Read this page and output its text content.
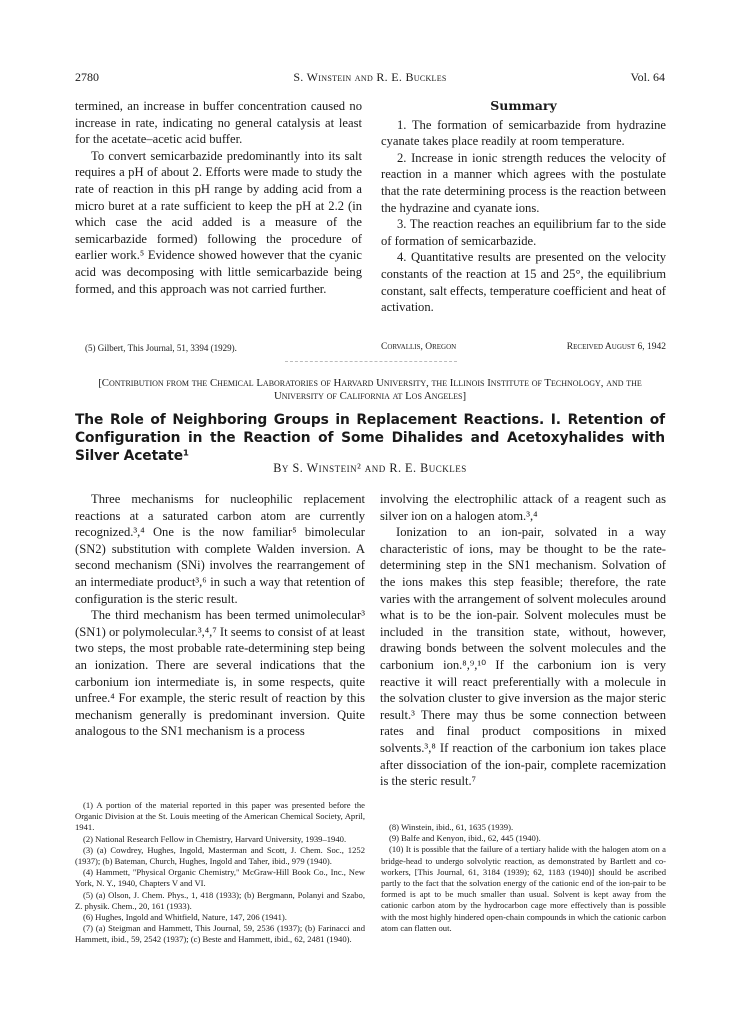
2780	S. Winstein and R. E. Buckles	Vol. 64

termined, an increase in buffer concentration caused no increase in rate, indicating no general catalysis at least for the acetate–acetic acid buffer.

To convert semicarbazide predominantly into its salt requires a pH of about 2. Efforts were made to study the rate of reaction in this pH range by adding acid from a micro buret at a rate sufficient to keep the pH at 2.2 (in which case the acid added is a measure of the semicarbazide formed) following the procedure of earlier work.⁵ Evidence showed however that the cyanic acid was decomposing with little semicarbazide being formed, and this approach was not carried further.

Summary

1. The formation of semicarbazide from hydrazine cyanate takes place readily at room temperature.

2. Increase in ionic strength reduces the velocity of reaction in a manner which agrees with the postulate that the rate determining process is the reaction between the hydrazine and cyanate ions.

3. The reaction reaches an equilibrium far to the side of formation of semicarbazide.

4. Quantitative results are presented on the velocity constants of the reaction at 15 and 25°, the equilibrium constant, salt effects, temperature coefficient and heat of activation.

(5) Gilbert, This Journal, 51, 3394 (1929).	Corvallis, Oregon	Received August 6, 1942
[Contribution from the Chemical Laboratories of Harvard University, the Illinois Institute of Technology, and the University of California at Los Angeles]
The Role of Neighboring Groups in Replacement Reactions. I. Retention of Configuration in the Reaction of Some Dihalides and Acetoxyhalides with Silver Acetate¹
By S. Winstein² and R. E. Buckles

Three mechanisms for nucleophilic replacement reactions at a saturated carbon atom are currently recognized.³,⁴ One is the now familiar⁵ bimolecular (SN2) substitution with complete Walden inversion. A second mechanism (SNi) involves the rearrangement of an intermediate product³,⁶ in such a way that retention of configuration is the steric result.

The third mechanism has been termed unimolecular³ (SN1) or polymolecular.³,⁴,⁷ It seems to consist of at least two steps, the most probable rate-determining step being an ionization. There are several indications that the carbonium ion intermediate is, in some respects, quite unfree.⁴ For example, the steric result of reaction by this mechanism generally is predominant inversion. Quite analogous to the SN1 mechanism is a process

involving the electrophilic attack of a reagent such as silver ion on a halogen atom.³,⁴

Ionization to an ion-pair, solvated in a way characteristic of ions, may be thought to be the rate-determining step in the SN1 mechanism. Solvation of the ions makes this step feasible; therefore, the rate varies with the arrangement of solvent molecules around what is to be the ion-pair. Solvent molecules must be included in the transition state, without, however, drawing bonds between the solvent molecules and the carbonium ion.⁸,⁹,¹⁰ If the carbonium ion is very reactive it will react preferentially with a molecule in the solvation cluster to give inversion as the major steric result.³ There may thus be some connection between rates and final product compositions in mixed solvents.³,⁸ If reaction of the carbonium ion takes place after dissociation of the ion-pair, complete racemization is the steric result.⁷

(1) A portion of the material reported in this paper was presented before the Organic Division at the St. Louis meeting of the American Chemical Society, April, 1941.

(2) National Research Fellow in Chemistry, Harvard University, 1939–1940.

(3) (a) Cowdrey, Hughes, Ingold, Masterman and Scott, J. Chem. Soc., 1252 (1937); (b) Bateman, Church, Hughes, Ingold and Taher, ibid., 979 (1940).

(4) Hammett, "Physical Organic Chemistry," McGraw-Hill Book Co., Inc., New York, N. Y., 1940, Chapters V and VI.

(5) (a) Olson, J. Chem. Phys., 1, 418 (1933); (b) Bergmann, Polanyi and Szabo, Z. physik. Chem., 20, 161 (1933).

(6) Hughes, Ingold and Whitfield, Nature, 147, 206 (1941).

(7) (a) Steigman and Hammett, This Journal, 59, 2536 (1937); (b) Farinacci and Hammett, ibid., 59, 2542 (1937); (c) Beste and Hammett, ibid., 62, 2481 (1940).

(8) Winstein, ibid., 61, 1635 (1939).

(9) Balfe and Kenyon, ibid., 62, 445 (1940).

(10) It is possible that the failure of a tertiary halide with the halogen atom on a bridge-head to undergo solvolytic reaction, as demonstrated by Bartlett and co-workers, [This Journal, 61, 3184 (1939); 62, 1183 (1940)] should be ascribed partly to the fact that the solvation energy of the cationic end of the ion-pair to be formed is apt to be much smaller than usual. Solvent is kept away from the cationic carbon atom by the hydrocarbon cage more effectively than is possible with the most highly hindered open-chain compounds in which the cationic carbon atom can flatten out.
